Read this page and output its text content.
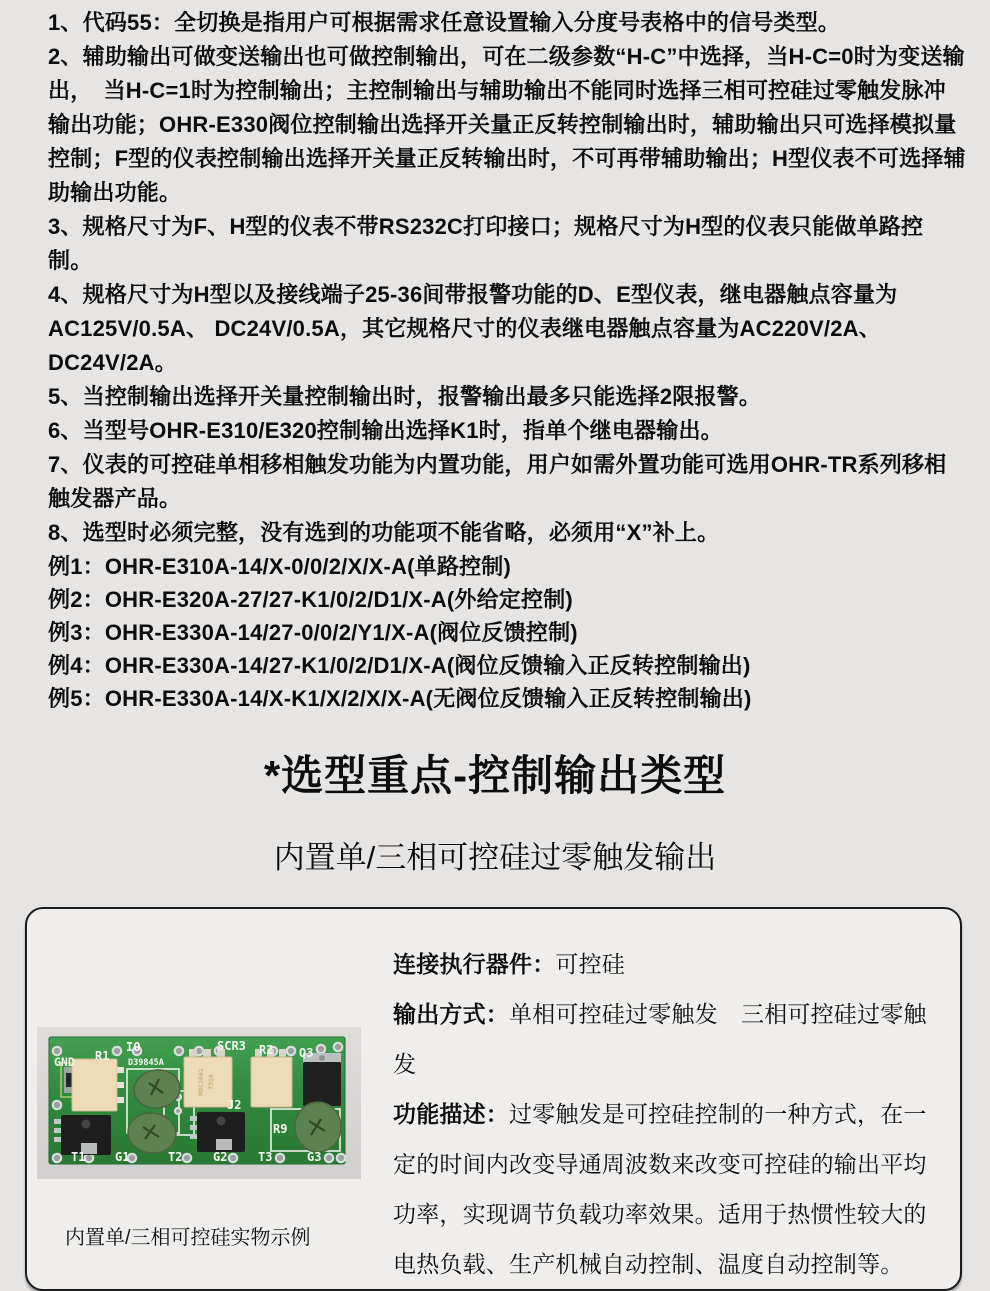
1、代码55：全切换是指用户可根据需求任意设置输入分度号表格中的信号类型。

2、辅助输出可做变送输出也可做控制输出，可在二级参数“H-C”中选择，当H-C=0时为变送输出，　当H-C=1时为控制输出；主控制输出与辅助输出不能同时选择三相可控硅过零触发脉冲输出功能；OHR-E330阀位控制输出选择开关量正反转控制输出时，辅助输出只可选择模拟量控制；F型的仪表控制输出选择开关量正反转输出时，不可再带辅助输出；H型仪表不可选择辅助输出功能。

3、规格尺寸为F、H型的仪表不带RS232C打印接口；规格尺寸为H型的仪表只能做单路控制。

4、规格尺寸为H型以及接线端子25-36间带报警功能的D、E型仪表，继电器触点容量为AC125V/0.5A、 DC24V/0.5A，其它规格尺寸的仪表继电器触点容量为AC220V/2A、DC24V/2A。

5、当控制输出选择开关量控制输出时，报警输出最多只能选择2限报警。

6、当型号OHR-E310/E320控制输出选择K1时，指单个继电器输出。

7、仪表的可控硅单相移相触发功能为内置功能，用户如需外置功能可选用OHR-TR系列移相触发器产品。

8、选型时必须完整，没有选到的功能项不能省略，必须用“X”补上。

例1：OHR-E310A-14/X-0/0/2/X/X-A(单路控制)

例2：OHR-E320A-27/27-K1/0/2/D1/X-A(外给定控制)

例3：OHR-E330A-14/27-0/0/2/Y1/X-A(阀位反馈控制)

例4：OHR-E330A-14/27-K1/0/2/D1/X-A(阀位反馈输入正反转控制输出)

例5：OHR-E330A-14/X-K1/X/2/X/X-A(无阀位反馈输入正反转控制输出)

*选型重点-控制输出类型
内置单/三相可控硅过零触发输出
MOC3061 7310
GND R1
IO
D39845A
SCR3 R2 Q3
J2
R9
T1 G1	T2	G2	T3	G3
内置单/三相可控硅实物示例

连接执行器件：可控硅

输出方式：单相可控硅过零触发　三相可控硅过零触发

功能描述：过零触发是可控硅控制的一种方式，在一定的时间内改变导通周波数来改变可控硅的输出平均功率，实现调节负载功率效果。适用于热惯性较大的电热负载、生产机械自动控制、温度自动控制等。
